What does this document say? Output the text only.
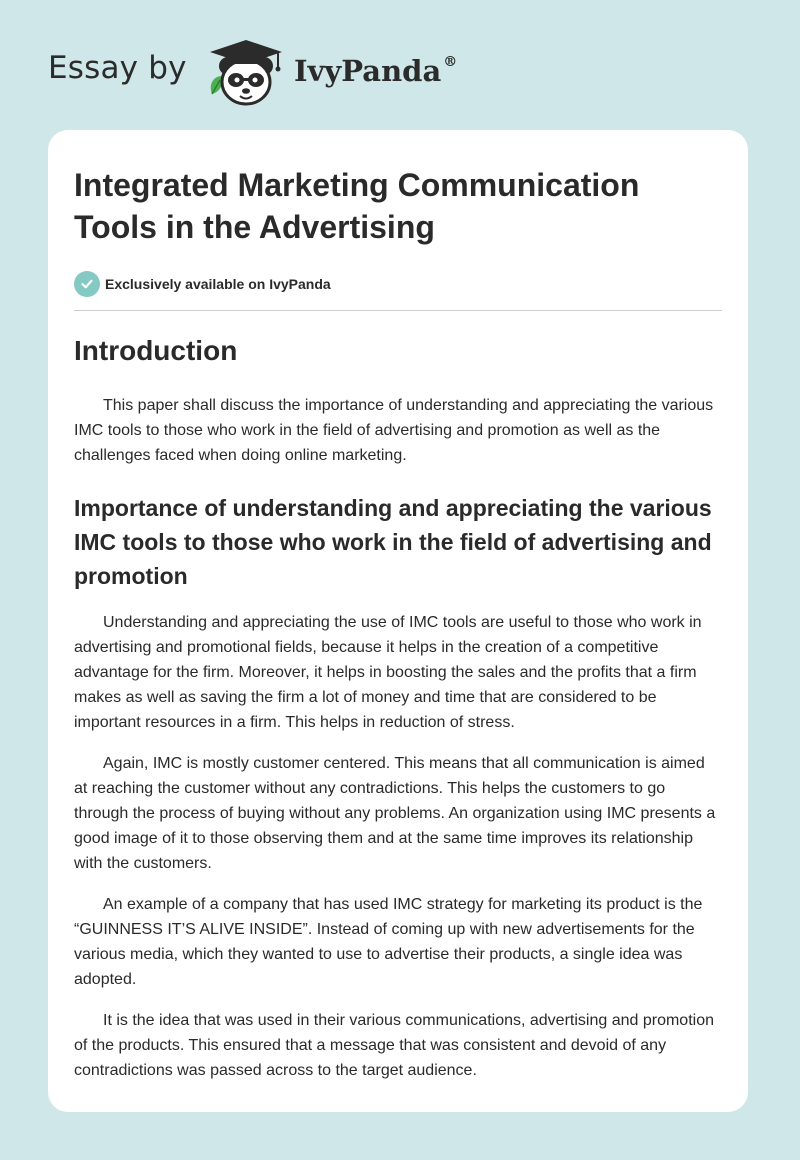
Essay by	IvyPanda ®
Integrated Marketing Communication Tools in the Advertising
Exclusively available on IvyPanda
Introduction

This paper shall discuss the importance of understanding and appreciating the various IMC tools to those who work in the field of advertising and promotion as well as the challenges faced when doing online marketing.

Importance of understanding and appreciating the various IMC tools to those who work in the field of advertising and promotion

Understanding and appreciating the use of IMC tools are useful to those who work in advertising and promotional fields, because it helps in the creation of a competitive advantage for the firm. Moreover, it helps in boosting the sales and the profits that a firm makes as well as saving the firm a lot of money and time that are considered to be important resources in a firm. This helps in reduction of stress.

Again, IMC is mostly customer centered. This means that all communication is aimed at reaching the customer without any contradictions. This helps the customers to go through the process of buying without any problems. An organization using IMC presents a good image of it to those observing them and at the same time improves its relationship with the customers.

An example of a company that has used IMC strategy for marketing its product is the “GUINNESS IT’S ALIVE INSIDE”. Instead of coming up with new advertisements for the various media, which they wanted to use to advertise their products, a single idea was adopted.

It is the idea that was used in their various communications, advertising and promotion of the products. This ensured that a message that was consistent and devoid of any contradictions was passed across to the target audience.
